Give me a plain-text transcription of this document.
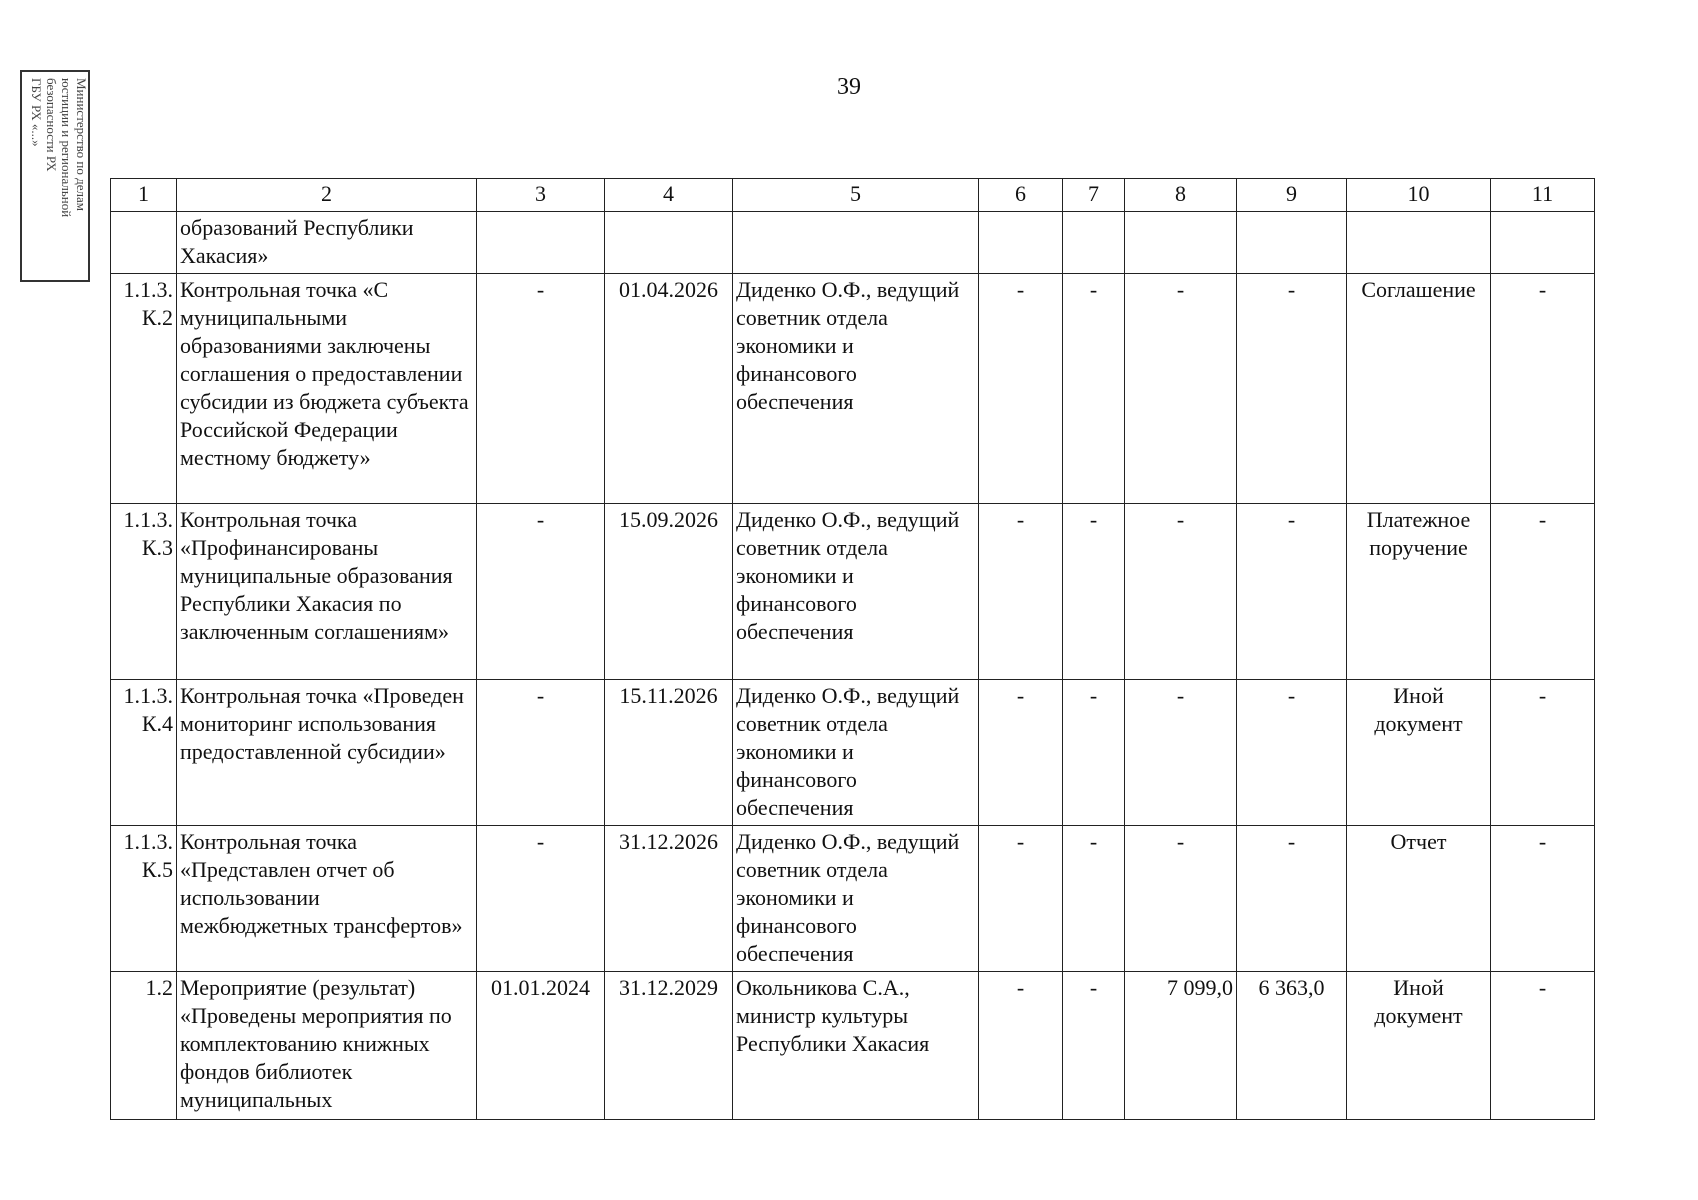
Министерство по делам
юстиции и региональной
безопасности РХ
ГБУ РХ «...»	39
1	2	3	4	5	6	7	8	9	10	11
	образований Республики Хакасия»									
1.1.3. К.2	Контрольная точка «С муниципальными образованиями заключены соглашения о предоставлении субсидии из бюджета субъекта Российской Федерации местному бюджету»	-	01.04.2026	Диденко О.Ф., ведущий советник отдела экономики и финансового обеспечения	-	-	-	-	Соглашение	-
1.1.3. К.3	Контрольная точка «Профинансированы муниципальные образования Республики Хакасия по заключенным соглашениям»	-	15.09.2026	Диденко О.Ф., ведущий советник отдела экономики и финансового обеспечения	-	-	-	-	Платежное поручение	-
1.1.3. К.4	Контрольная точка «Проведен мониторинг использования предоставленной субсидии»	-	15.11.2026	Диденко О.Ф., ведущий советник отдела экономики и финансового обеспечения	-	-	-	-	Иной документ	-
1.1.3. К.5	Контрольная точка «Представлен отчет об использовании межбюджетных трансфертов»	-	31.12.2026	Диденко О.Ф., ведущий советник отдела экономики и финансового обеспечения	-	-	-	-	Отчет	-
1.2	Мероприятие (результат) «Проведены мероприятия по комплектованию книжных фондов библиотек муниципальных	01.01.2024	31.12.2029	Окольникова С.А., министр культуры Республики Хакасия	-	-	7 099,0	6 363,0	Иной документ	-
